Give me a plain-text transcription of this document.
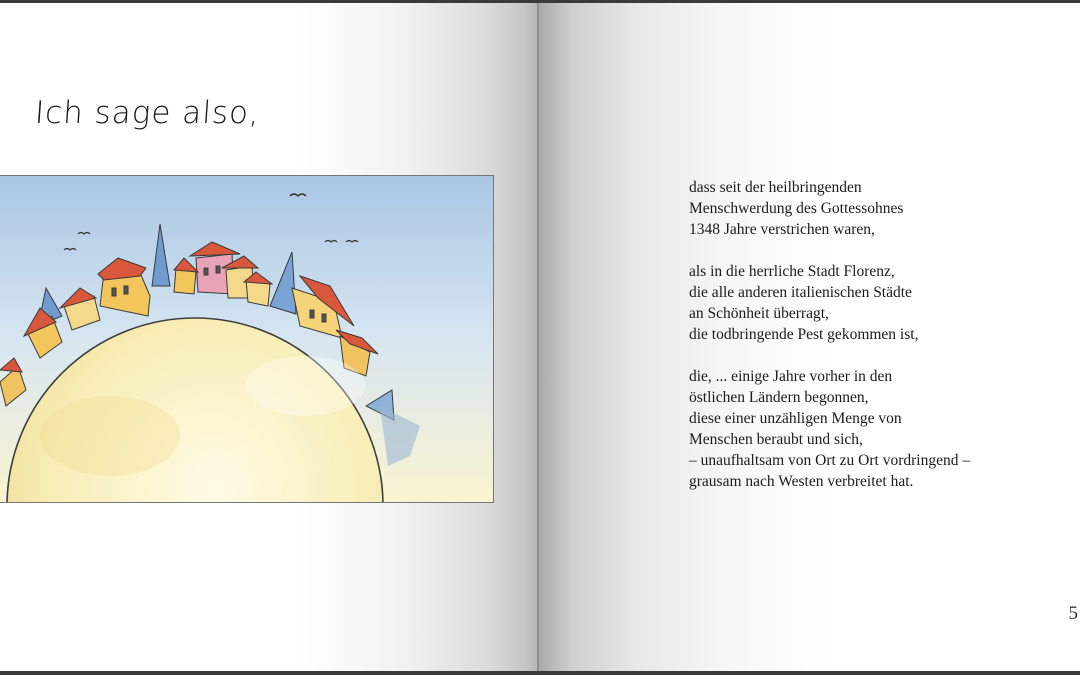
Ich sage also,

dass seit der heilbringenden
Menschwerdung des Gottessohnes
1348 Jahre verstrichen waren,

als in die herrliche Stadt Florenz,
die alle anderen italienischen Städte
an Schönheit überragt,
die todbringende Pest gekommen ist,

die, ... einige Jahre vorher in den
östlichen Ländern begonnen,
diese einer unzähligen Menge von
Menschen beraubt und sich,
– unaufhaltsam von Ort zu Ort vordringend –
grausam nach Westen verbreitet hat.

5
